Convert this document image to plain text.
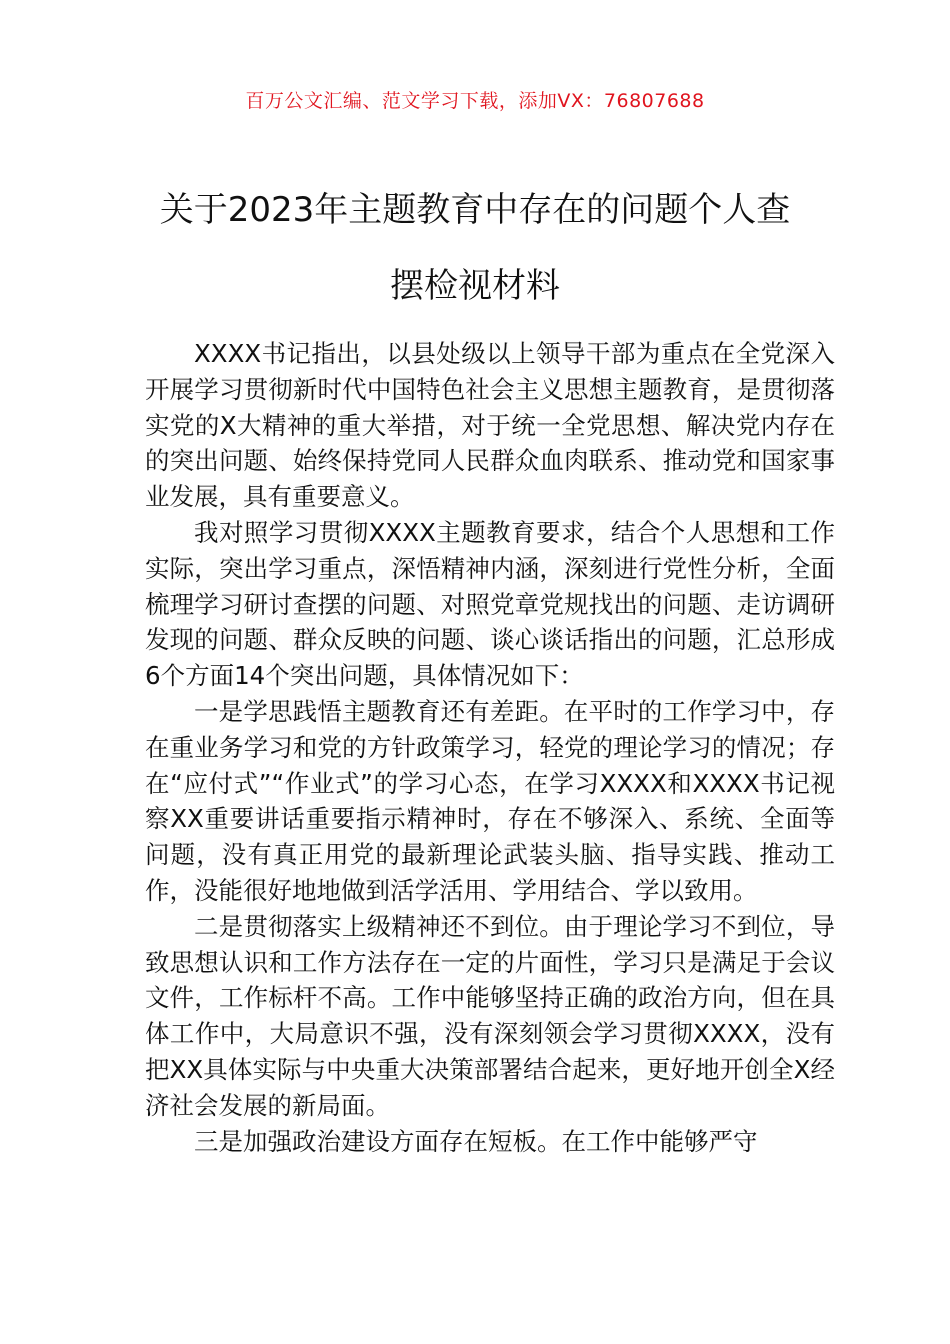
百万公文汇编、范文学习下载，添加VX：76807688
关于2023年主题教育中存在的问题个人查
摆检视材料

XXXX书记指出，以县处级以上领导干部为重点在全党深入开展学习贯彻新时代中国特色社会主义思想主题教育，是贯彻落实党的X大精神的重大举措，对于统一全党思想、解决党内存在的突出问题、始终保持党同人民群众血肉联系、推动党和国家事业发展，具有重要意义。

我对照学习贯彻XXXX主题教育要求，结合个人思想和工作实际，突出学习重点，深悟精神内涵，深刻进行党性分析，全面梳理学习研讨查摆的问题、对照党章党规找出的问题、走访调研发现的问题、群众反映的问题、谈心谈话指出的问题，汇总形成6个方面14个突出问题，具体情况如下：

一是学思践悟主题教育还有差距。在平时的工作学习中，存在重业务学习和党的方针政策学习，轻党的理论学习的情况；存在“应付式”“作业式”的学习心态，在学习XXXX和XXXX书记视察XX重要讲话重要指示精神时，存在不够深入、系统、全面等问题，没有真正用党的最新理论武装头脑、指导实践、推动工作，没能很好地地做到活学活用、学用结合、学以致用。

二是贯彻落实上级精神还不到位。由于理论学习不到位，导致思想认识和工作方法存在一定的片面性，学习只是满足于会议文件，工作标杆不高。工作中能够坚持正确的政治方向，但在具体工作中，大局意识不强，没有深刻领会学习贯彻XXXX，没有把XX具体实际与中央重大决策部署结合起来，更好地开创全X经济社会发展的新局面。

三是加强政治建设方面存在短板。在工作中能够严守
